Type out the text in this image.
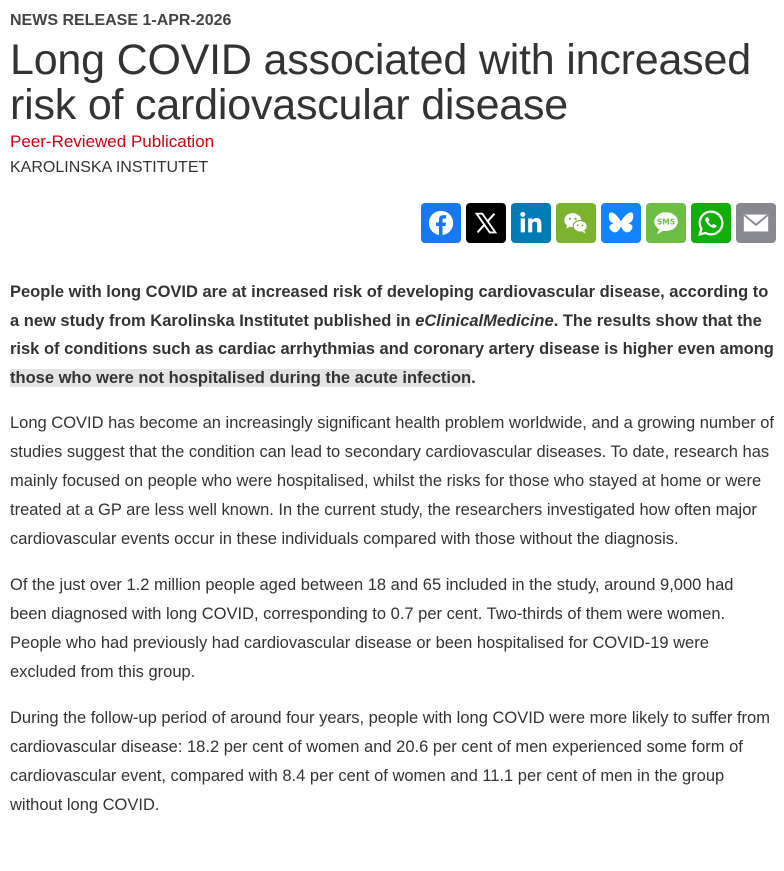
NEWS RELEASE 1-APR-2026
Long COVID associated with increased risk of cardiovascular disease
Peer-Reviewed Publication
KAROLINSKA INSTITUTET
SMS

People with long COVID are at increased risk of developing cardiovascular disease, according to a new study from Karolinska Institutet published in eClinicalMedicine. The results show that the risk of conditions such as cardiac arrhythmias and coronary artery disease is higher even among those who were not hospitalised during the acute infection.

Long COVID has become an increasingly significant health problem worldwide, and a growing number of studies suggest that the condition can lead to secondary cardiovascular diseases. To date, research has mainly focused on people who were hospitalised, whilst the risks for those who stayed at home or were treated at a GP are less well known. In the current study, the researchers investigated how often major cardiovascular events occur in these individuals compared with those without the diagnosis.

Of the just over 1.2 million people aged between 18 and 65 included in the study, around 9,000 had been diagnosed with long COVID, corresponding to 0.7 per cent. Two-thirds of them were women. People who had previously had cardiovascular disease or been hospitalised for COVID-19 were excluded from this group.

During the follow-up period of around four years, people with long COVID were more likely to suffer from cardiovascular disease: 18.2 per cent of women and 20.6 per cent of men experienced some form of cardiovascular event, compared with 8.4 per cent of women and 11.1 per cent of men in the group without long COVID.
